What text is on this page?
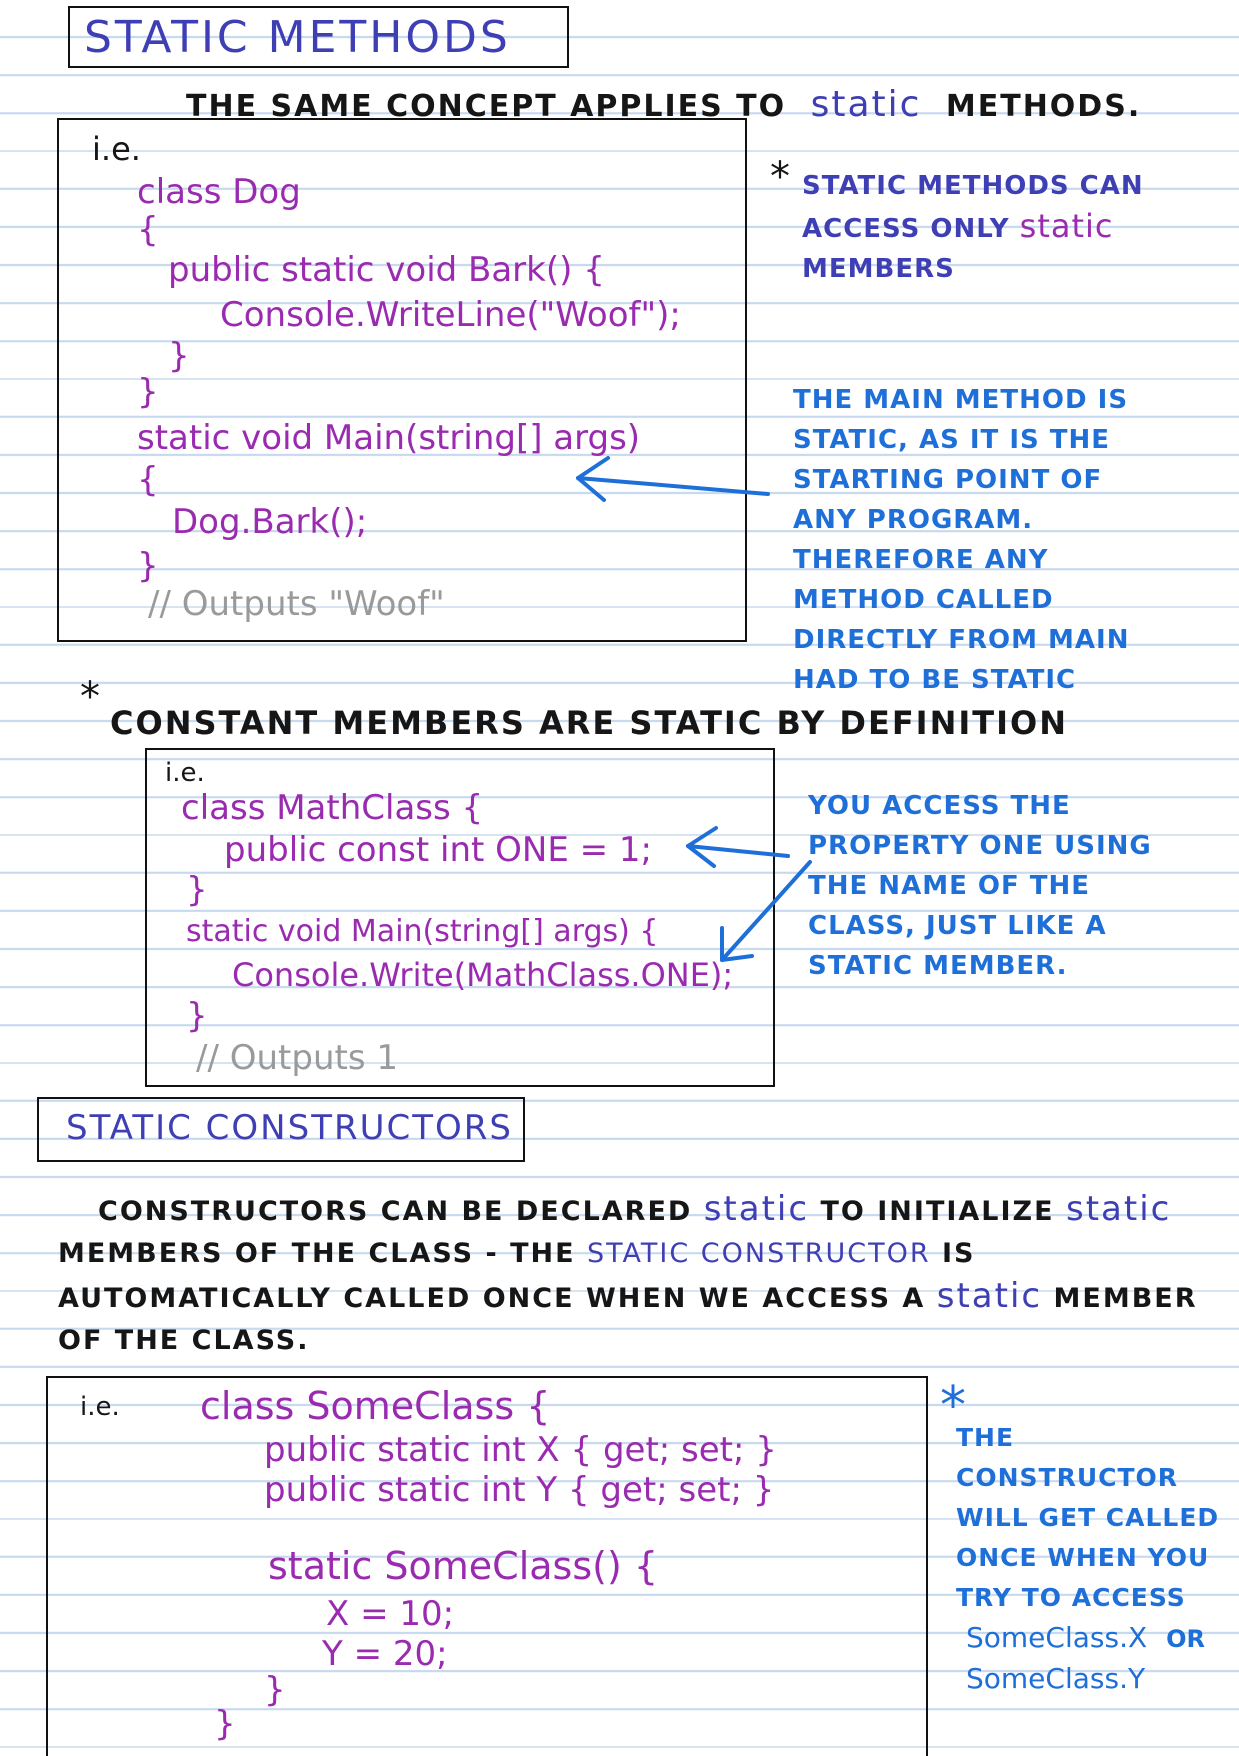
STATIC METHODS
THE SAME CONCEPT APPLIES TO static METHODS.
i.e.
class Dog
{
public static void Bark() {
Console.WriteLine("Woof");
}
}
static void Main(string[] args)
{
Dog.Bark();
}
// Outputs "Woof"
* STATIC METHODS CAN ACCESS ONLY static MEMBERS
THE MAIN METHOD IS STATIC, AS IT IS THE STARTING POINT OF ANY PROGRAM. THEREFORE ANY METHOD CALLED DIRECTLY FROM MAIN HAD TO BE STATIC
*
CONSTANT MEMBERS ARE STATIC BY DEFINITION
i.e.
class MathClass {
public const int ONE = 1;
}
static void Main(string[] args) {
Console.Write(MathClass.ONE);
}
// Outputs 1
YOU ACCESS THE PROPERTY ONE USING THE NAME OF THE CLASS, JUST LIKE A STATIC MEMBER.
STATIC CONSTRUCTORS
CONSTRUCTORS CAN BE DECLARED static TO INITIALIZE static MEMBERS OF THE CLASS - THE STATIC CONSTRUCTOR IS AUTOMATICALLY CALLED ONCE WHEN WE ACCESS A static MEMBER OF THE CLASS.
i.e. class SomeClass {
public static int X { get; set; }
public static int Y { get; set; }
static SomeClass() {
X = 10;
Y = 20;
}
}
*
THE CONSTRUCTOR WILL GET CALLED ONCE WHEN YOU TRY TO ACCESS
SomeClass.X OR
SomeClass.Y
